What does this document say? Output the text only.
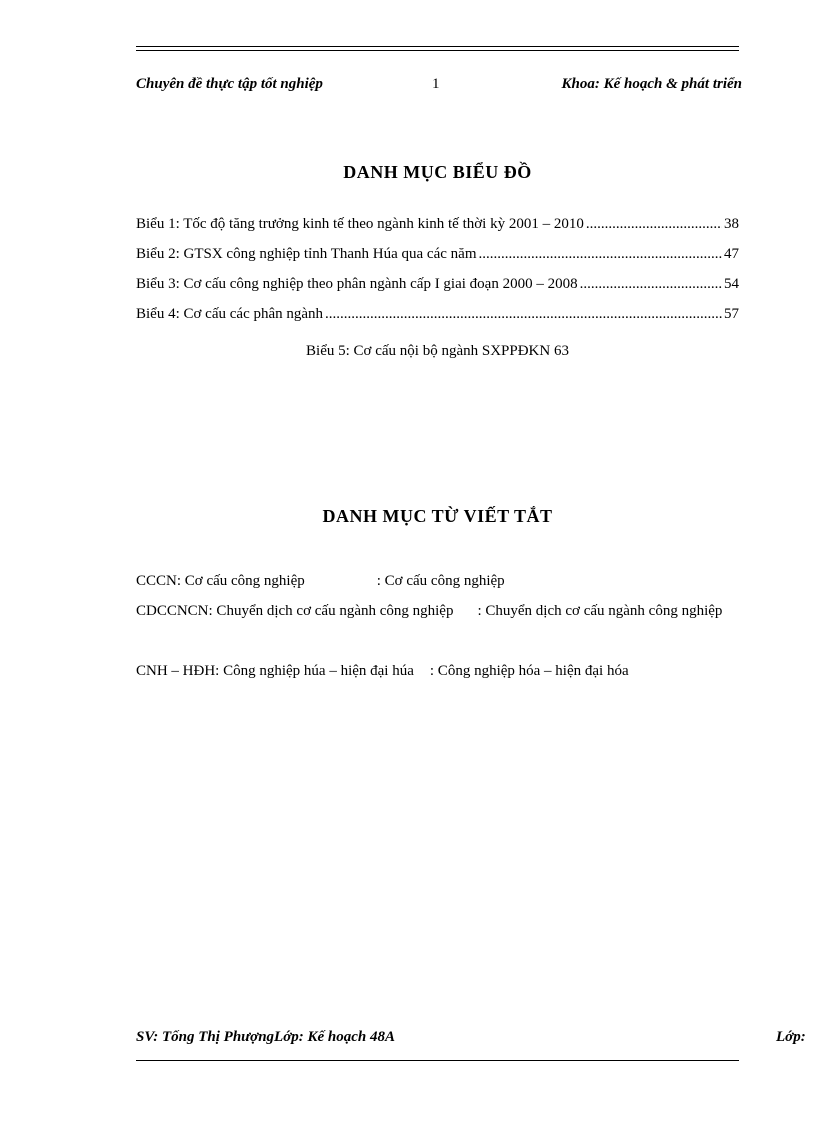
Chuyên đề thực tập tốt nghiệp	1	Khoa: Kế hoạch & phát triển
DANH MỤC BIỂU ĐỒ
Biểu 1: Tốc độ tăng trưởng kinh tế theo ngành kinh tế thời kỳ 2001 – 2010 .....	38
Biểu 2: GTSX công nghiệp tỉnh Thanh Húa qua các năm .....	47
Biểu 3: Cơ cấu công nghiệp theo phân ngành cấp I giai đoạn 2000 – 2008 .....	54
Biểu 4: Cơ cấu các phân ngành .....	57
Biểu 5: Cơ cấu nội bộ ngành SXPPĐKN 63
DANH MỤC TỪ VIẾT TẮT
CCCN: Cơ cấu công nghiệp	: Cơ cấu công nghiệp
CDCCNCN: Chuyển dịch cơ cấu ngành công nghiệp : Chuyển dịch cơ cấu ngành công nghiệp
CNH – HĐH: Công nghiệp húa – hiện đại húa : Công nghiệp hóa – hiện đại hóa
SV: Tống Thị PhượngLớp: Kế hoạch 48A	Lớp:
